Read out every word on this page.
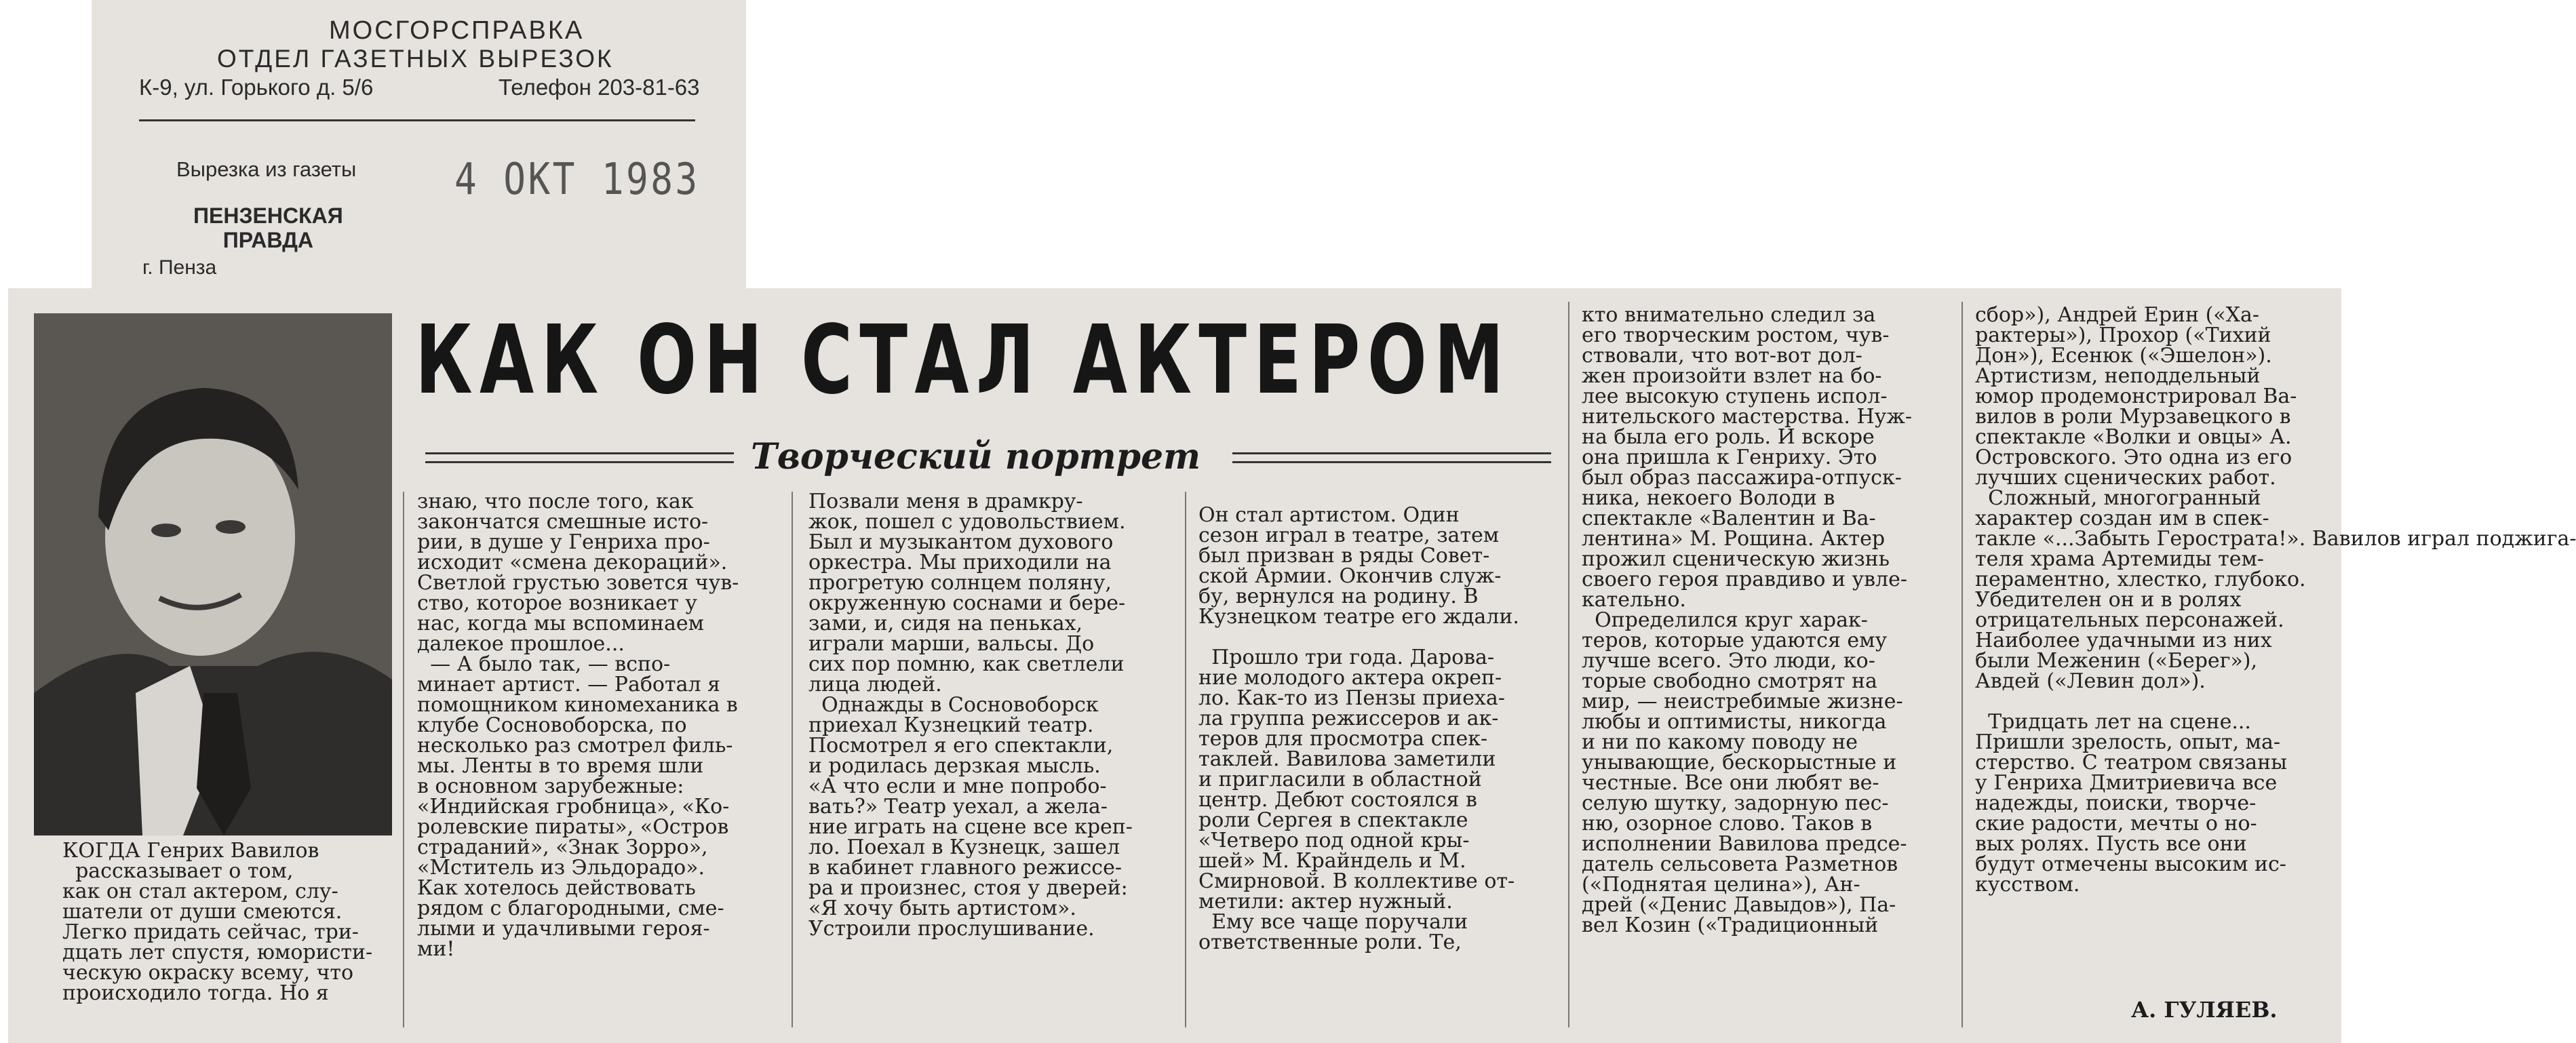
МОСГОРСПРАВКА
ОТДЕЛ ГАЗЕТНЫХ ВЫРЕЗОК
К-9, ул. Горького д. 5/6	Телефон 203-81-63
Вырезка из газеты
ПЕНЗЕНСКАЯ
ПРАВДА
г. Пенза
4 ОКТ 1983
КАК ОН СТАЛ АКТЕРОМ
Творческий портрет
КОГДА Генрих Вавилов
рассказывает о том,
как он стал актером, слу-
шатели от души смеются.
Легко придать сейчас, три-
дцать лет спустя, юмористи-
ческую окраску всему, что
происходило тогда. Но я
знаю, что после того, как
закончатся смешные исто-
рии, в душе у Генриха про-
исходит «смена декораций».
Светлой грустью зовется чув-
ство, которое возникает у
нас, когда мы вспоминаем
далекое прошлое...
— А было так, — вспо-
минает артист. — Работал я
помощником киномеханика в
клубе Сосновоборска, по
несколько раз смотрел филь-
мы. Ленты в то время шли
в основном зарубежные:
«Индийская гробница», «Ко-
ролевские пираты», «Остров
страданий», «Знак Зорро»,
«Мститель из Эльдорадо».
Как хотелось действовать
рядом с благородными, сме-
лыми и удачливыми героя-
ми!
Позвали меня в драмкру-
жок, пошел с удовольствием.
Был и музыкантом духового
оркестра. Мы приходили на
прогретую солнцем поляну,
окруженную соснами и бере-
зами, и, сидя на пеньках,
играли марши, вальсы. До
сих пор помню, как светлели
лица людей.
Однажды в Сосновоборск
приехал Кузнецкий театр.
Посмотрел я его спектакли,
и родилась дерзкая мысль.
«А что если и мне попробо-
вать?» Театр уехал, а жела-
ние играть на сцене все креп-
ло. Поехал в Кузнецк, зашел
в кабинет главного режиссе-
ра и произнес, стоя у дверей:
«Я хочу быть артистом».
Устроили прослушивание.
Он стал артистом. Один
сезон играл в театре, затем
был призван в ряды Совет-
ской Армии. Окончив служ-
бу, вернулся на родину. В
Кузнецком театре его ждали.

Прошло три года. Дарова-
ние молодого актера окреп-
ло. Как-то из Пензы приеха-
ла группа режиссеров и ак-
теров для просмотра спек-
таклей. Вавилова заметили
и пригласили в областной
центр. Дебют состоялся в
роли Сергея в спектакле
«Четверо под одной кры-
шей» М. Крайндель и М.
Смирновой. В коллективе от-
метили: актер нужный.
Ему все чаще поручали
ответственные роли. Те,
кто внимательно следил за
его творческим ростом, чув-
ствовали, что вот-вот дол-
жен произойти взлет на бо-
лее высокую ступень испол-
нительского мастерства. Нуж-
на была его роль. И вскоре
она пришла к Генриху. Это
был образ пассажира-отпуск-
ника, некоего Володи в
спектакле «Валентин и Ва-
лентина» М. Рощина. Актер
прожил сценическую жизнь
своего героя правдиво и увле-
кательно.
Определился круг харак-
теров, которые удаются ему
лучше всего. Это люди, ко-
торые свободно смотрят на
мир, — неистребимые жизне-
любы и оптимисты, никогда
и ни по какому поводу не
унывающие, бескорыстные и
честные. Все они любят ве-
селую шутку, задорную пес-
ню, озорное слово. Таков в
исполнении Вавилова предсе-
датель сельсовета Разметнов
(«Поднятая целина»), Ан-
дрей («Денис Давыдов»), Па-
вел Козин («Традиционный
сбор»), Андрей Ерин («Ха-
рактеры»), Прохор («Тихий
Дон»), Есенюк («Эшелон»).
Артистизм, неподдельный
юмор продемонстрировал Ва-
вилов в роли Мурзавецкого в
спектакле «Волки и овцы» А.
Островского. Это одна из его
лучших сценических работ.
Сложный, многогранный
характер создан им в спек-
такле «...Забыть Герострата!». Вавилов играл поджига-
теля храма Артемиды тем-
пераментно, хлестко, глубоко.
Убедителен он и в ролях
отрицательных персонажей.
Наиболее удачными из них
были Меженин («Берег»),
Авдей («Левин дол»).

Тридцать лет на сцене...
Пришли зрелость, опыт, ма-
стерство. С театром связаны
у Генриха Дмитриевича все
надежды, поиски, творче-
ские радости, мечты о но-
вых ролях. Пусть все они
будут отмечены высоким ис-
кусством.
А. ГУЛЯЕВ.
